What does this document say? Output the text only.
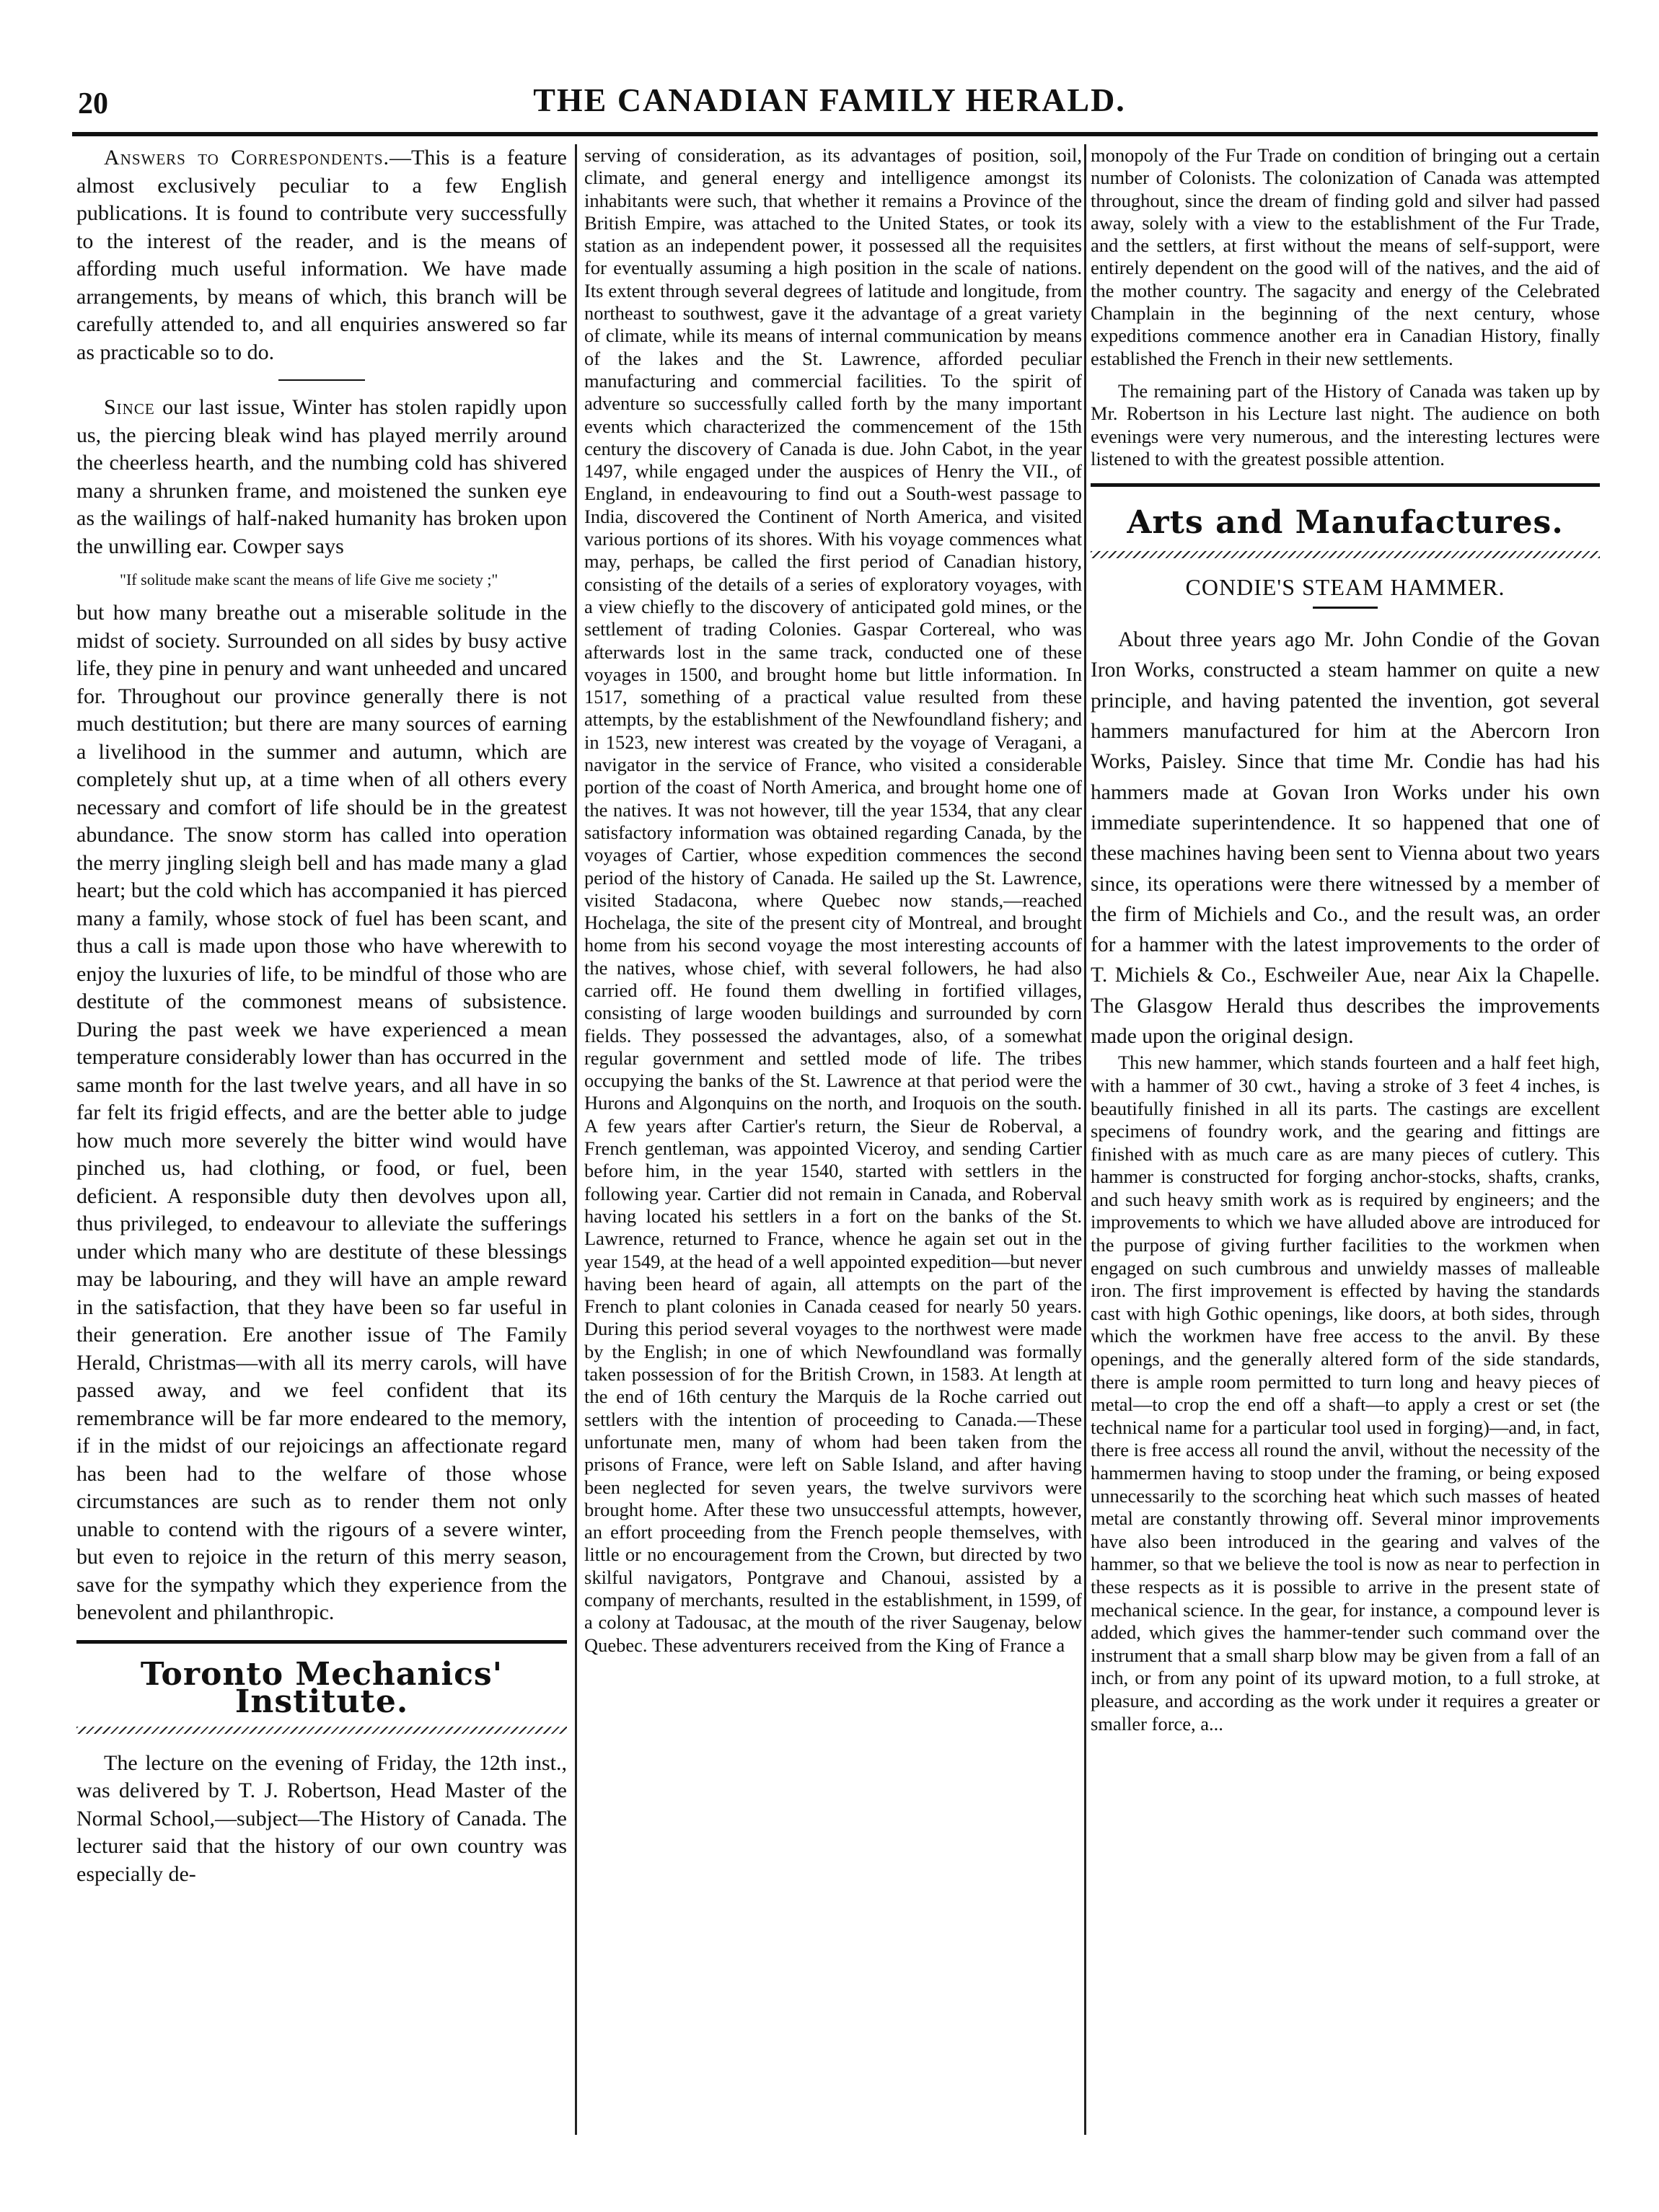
20	THE CANADIAN FAMILY HERALD.

Answers to Correspondents.—This is a feature almost exclusively peculiar to a few English publications. It is found to contribute very successfully to the interest of the reader, and is the means of affording much useful information. We have made arrangements, by means of which, this branch will be carefully attended to, and all enquiries answered so far as practicable so to do.

Since our last issue, Winter has stolen rapidly upon us, the piercing bleak wind has played merrily around the cheerless hearth, and the numbing cold has shivered many a shrunken frame, and moistened the sunken eye as the wailings of half-naked humanity has broken upon the unwilling ear. Cowper says

"If solitude make scant the means of life Give me society ;"

but how many breathe out a miserable solitude in the midst of society. Surrounded on all sides by busy active life, they pine in penury and want unheeded and uncared for. Throughout our province generally there is not much destitution; but there are many sources of earning a livelihood in the summer and autumn, which are completely shut up, at a time when of all others every necessary and comfort of life should be in the greatest abundance. The snow storm has called into operation the merry jingling sleigh bell and has made many a glad heart; but the cold which has accompanied it has pierced many a family, whose stock of fuel has been scant, and thus a call is made upon those who have wherewith to enjoy the luxuries of life, to be mindful of those who are destitute of the commonest means of subsistence. During the past week we have experienced a mean temperature considerably lower than has occurred in the same month for the last twelve years, and all have in so far felt its frigid effects, and are the better able to judge how much more severely the bitter wind would have pinched us, had clothing, or food, or fuel, been deficient. A responsible duty then devolves upon all, thus privileged, to endeavour to alleviate the sufferings under which many who are destitute of these blessings may be labouring, and they will have an ample reward in the satisfaction, that they have been so far useful in their generation. Ere another issue of The Family Herald, Christmas—with all its merry carols, will have passed away, and we feel confident that its remembrance will be far more endeared to the memory, if in the midst of our rejoicings an affectionate regard has been had to the welfare of those whose circumstances are such as to render them not only unable to contend with the rigours of a severe winter, but even to rejoice in the return of this merry season, save for the sympathy which they experience from the benevolent and philanthropic.

Toronto Mechanics' Institute.

The lecture on the evening of Friday, the 12th inst., was delivered by T. J. Robertson, Head Master of the Normal School,—subject—The History of Canada. The lecturer said that the history of our own country was especially de-

serving of consideration, as its advantages of position, soil, climate, and general energy and intelligence amongst its inhabitants were such, that whether it remains a Province of the British Empire, was attached to the United States, or took its station as an independent power, it possessed all the requisites for eventually assuming a high position in the scale of nations. Its extent through several degrees of latitude and longitude, from northeast to southwest, gave it the advantage of a great variety of climate, while its means of internal communication by means of the lakes and the St. Lawrence, afforded peculiar manufacturing and commercial facilities. To the spirit of adventure so successfully called forth by the many important events which characterized the commencement of the 15th century the discovery of Canada is due. John Cabot, in the year 1497, while engaged under the auspices of Henry the VII., of England, in endeavouring to find out a South-west passage to India, discovered the Continent of North America, and visited various portions of its shores. With his voyage commences what may, perhaps, be called the first period of Canadian history, consisting of the details of a series of exploratory voyages, with a view chiefly to the discovery of anticipated gold mines, or the settlement of trading Colonies. Gaspar Cortereal, who was afterwards lost in the same track, conducted one of these voyages in 1500, and brought home but little information. In 1517, something of a practical value resulted from these attempts, by the establishment of the Newfoundland fishery; and in 1523, new interest was created by the voyage of Veragani, a navigator in the service of France, who visited a considerable portion of the coast of North America, and brought home one of the natives. It was not however, till the year 1534, that any clear satisfactory information was obtained regarding Canada, by the voyages of Cartier, whose expedition commences the second period of the history of Canada. He sailed up the St. Lawrence, visited Stadacona, where Quebec now stands,—reached Hochelaga, the site of the present city of Montreal, and brought home from his second voyage the most interesting accounts of the natives, whose chief, with several followers, he had also carried off. He found them dwelling in fortified villages, consisting of large wooden buildings and surrounded by corn fields. They possessed the advantages, also, of a somewhat regular government and settled mode of life. The tribes occupying the banks of the St. Lawrence at that period were the Hurons and Algonquins on the north, and Iroquois on the south. A few years after Cartier's return, the Sieur de Roberval, a French gentleman, was appointed Viceroy, and sending Cartier before him, in the year 1540, started with settlers in the following year. Cartier did not remain in Canada, and Roberval having located his settlers in a fort on the banks of the St. Lawrence, returned to France, whence he again set out in the year 1549, at the head of a well appointed expedition—but never having been heard of again, all attempts on the part of the French to plant colonies in Canada ceased for nearly 50 years. During this period several voyages to the northwest were made by the English; in one of which Newfoundland was formally taken possession of for the British Crown, in 1583. At length at the end of 16th century the Marquis de la Roche carried out settlers with the intention of proceeding to Canada.—These unfortunate men, many of whom had been taken from the prisons of France, were left on Sable Island, and after having been neglected for seven years, the twelve survivors were brought home. After these two unsuccessful attempts, however, an effort proceeding from the French people themselves, with little or no encouragement from the Crown, but directed by two skilful navigators, Pontgrave and Chanoui, assisted by a company of merchants, resulted in the establishment, in 1599, of a colony at Tadousac, at the mouth of the river Saugenay, below Quebec. These adventurers received from the King of France a

monopoly of the Fur Trade on condition of bringing out a certain number of Colonists. The colonization of Canada was attempted throughout, since the dream of finding gold and silver had passed away, solely with a view to the establishment of the Fur Trade, and the settlers, at first without the means of self-support, were entirely dependent on the good will of the natives, and the aid of the mother country. The sagacity and energy of the Celebrated Champlain in the beginning of the next century, whose expeditions commence another era in Canadian History, finally established the French in their new settlements.

The remaining part of the History of Canada was taken up by Mr. Robertson in his Lecture last night. The audience on both evenings were very numerous, and the interesting lectures were listened to with the greatest possible attention.

Arts and Manufactures.
CONDIE'S STEAM HAMMER.

About three years ago Mr. John Condie of the Govan Iron Works, constructed a steam hammer on quite a new principle, and having patented the invention, got several hammers manufactured for him at the Abercorn Iron Works, Paisley. Since that time Mr. Condie has had his hammers made at Govan Iron Works under his own immediate superintendence. It so happened that one of these machines having been sent to Vienna about two years since, its operations were there witnessed by a member of the firm of Michiels and Co., and the result was, an order for a hammer with the latest improvements to the order of T. Michiels & Co., Eschweiler Aue, near Aix la Chapelle. The Glasgow Herald thus describes the improvements made upon the original design.

This new hammer, which stands fourteen and a half feet high, with a hammer of 30 cwt., having a stroke of 3 feet 4 inches, is beautifully finished in all its parts. The castings are excellent specimens of foundry work, and the gearing and fittings are finished with as much care as are many pieces of cutlery. This hammer is constructed for forging anchor-stocks, shafts, cranks, and such heavy smith work as is required by engineers; and the improvements to which we have alluded above are introduced for the purpose of giving further facilities to the workmen when engaged on such cumbrous and unwieldy masses of malleable iron. The first improvement is effected by having the standards cast with high Gothic openings, like doors, at both sides, through which the workmen have free access to the anvil. By these openings, and the generally altered form of the side standards, there is ample room permitted to turn long and heavy pieces of metal—to crop the end off a shaft—to apply a crest or set (the technical name for a particular tool used in forging)—and, in fact, there is free access all round the anvil, without the necessity of the hammermen having to stoop under the framing, or being exposed unnecessarily to the scorching heat which such masses of heated metal are constantly throwing off. Several minor improvements have also been introduced in the gearing and valves of the hammer, so that we believe the tool is now as near to perfection in these respects as it is possible to arrive in the present state of mechanical science. In the gear, for instance, a compound lever is added, which gives the hammer-tender such command over the instrument that a small sharp blow may be given from a fall of an inch, or from any point of its upward motion, to a full stroke, at pleasure, and according as the work under it requires a greater or smaller force, a...
